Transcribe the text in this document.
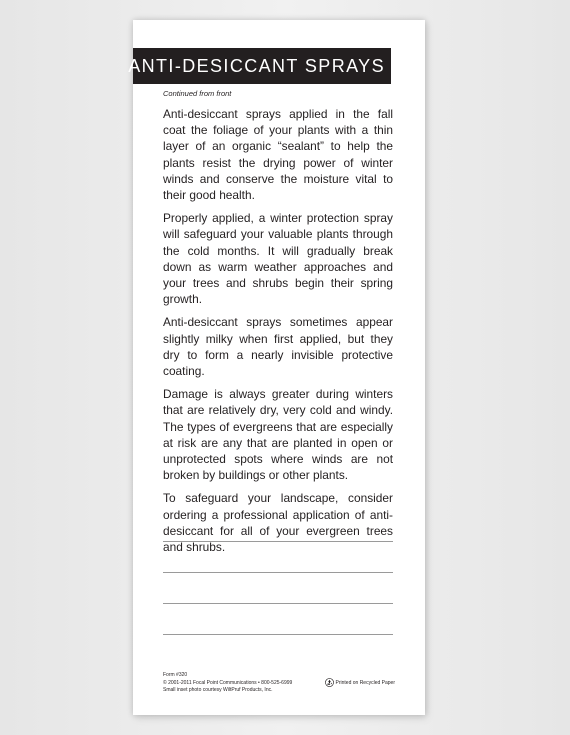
ANTI-DESICCANT SPRAYS
Continued from front

Anti-desiccant sprays applied in the fall coat the foliage of your plants with a thin layer of an organic “sealant” to help the plants resist the drying power of winter winds and conserve the moisture vital to their good health.

Properly applied, a winter protection spray will safeguard your valuable plants through the cold months. It will gradually break down as warm weather approaches and your trees and shrubs begin their spring growth.

Anti-desiccant sprays sometimes appear slightly milky when first applied, but they dry to form a nearly invisible protective coating.

Damage is always greater during winters that are relatively dry, very cold and windy. The types of evergreens that are especially at risk are any that are planted in open or unprotected spots where winds are not broken by buildings or other plants.

To safeguard your landscape, consider ordering a professional application of anti-desiccant for all of your evergreen trees and shrubs.

Form #320
© 2001-2011 Focal Point Communications • 800-525-6999	Printed on Recycled Paper
Small inset photo courtesy WiltPruf Products, Inc.
